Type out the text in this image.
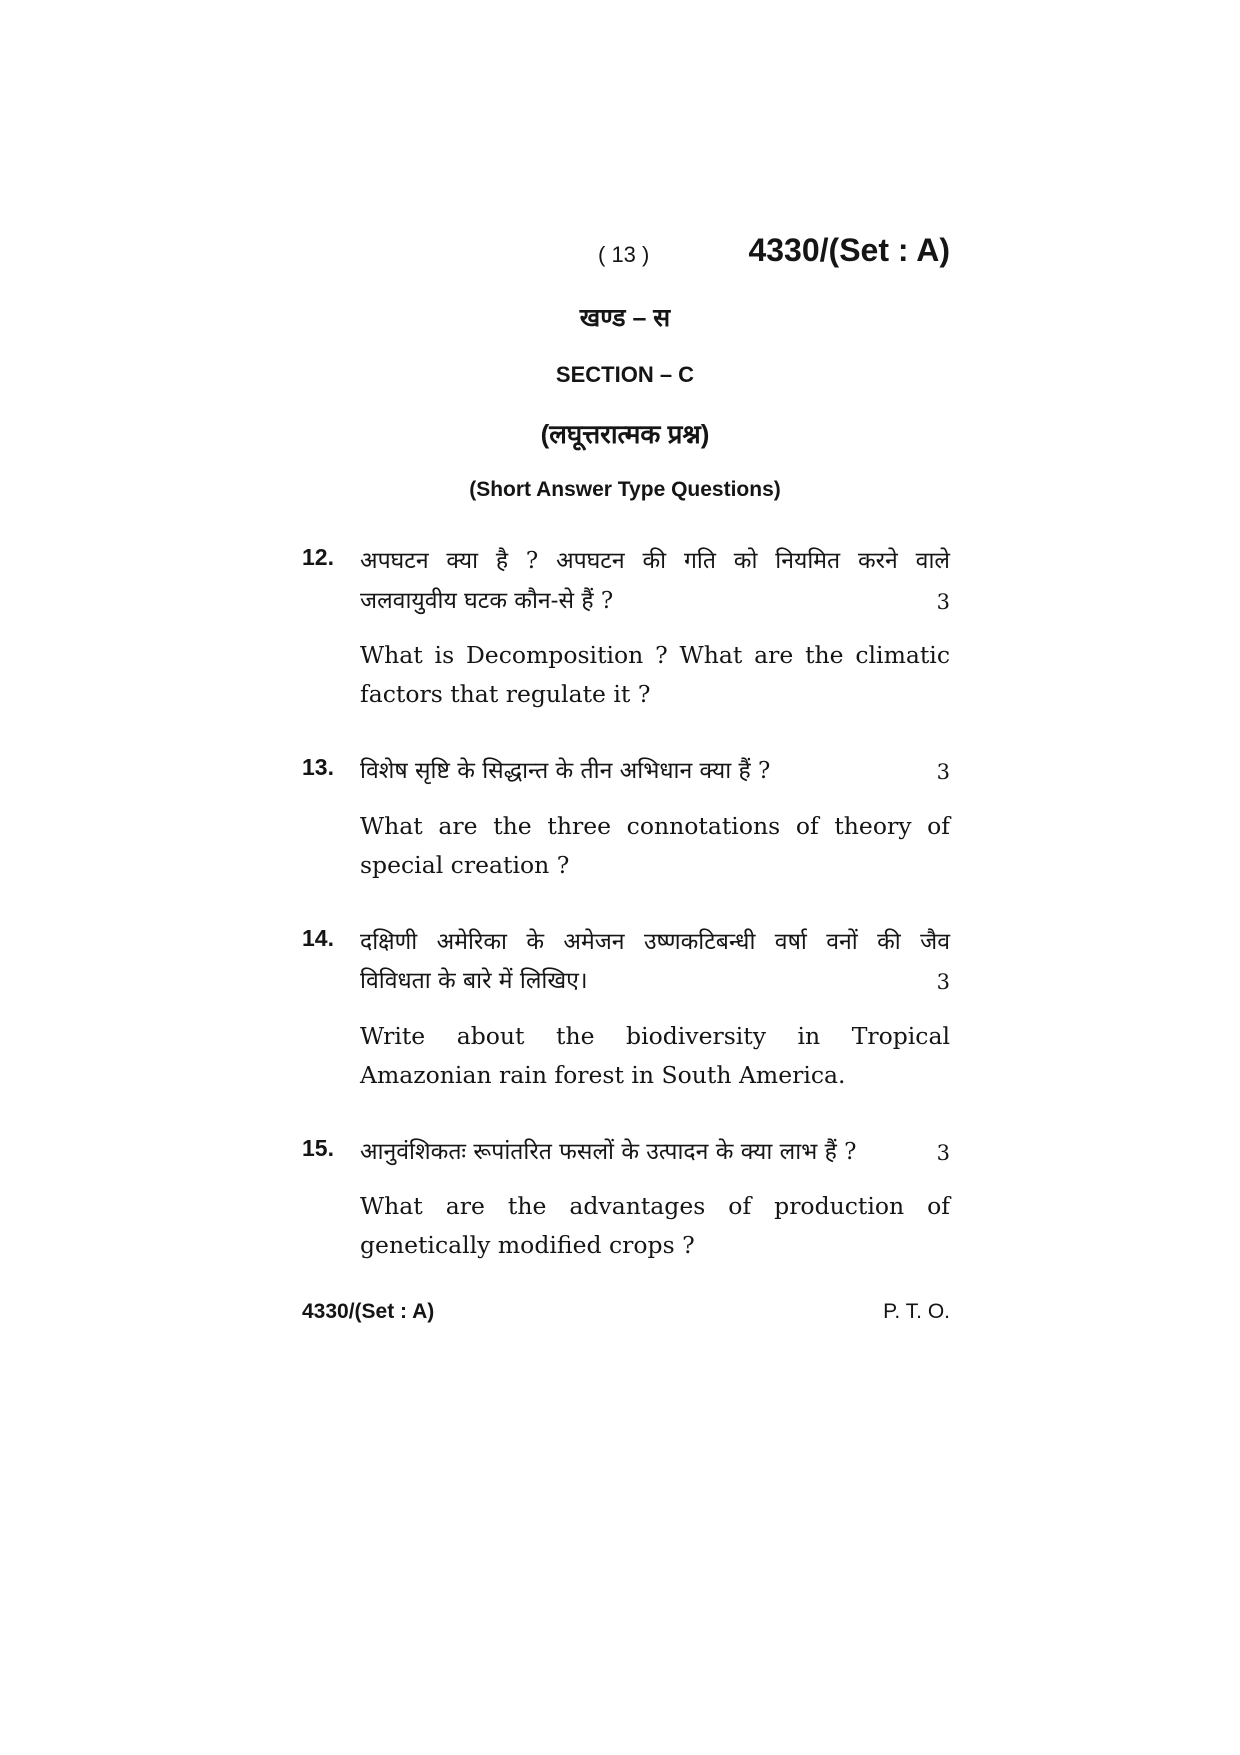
( 13 )	4330/(Set : A)
खण्ड – स
SECTION – C
(लघूत्तरात्मक प्रश्न)
(Short Answer Type Questions)
12. अपघटन क्या है ? अपघटन की गति को नियमित करने वाले
जलवायुवीय घटक कौन-से हैं ?	3
What is Decomposition ? What are the climatic
factors that regulate it ?
13. विशेष सृष्टि के सिद्धान्त के तीन अभिधान क्या हैं ?	3
What are the three connotations of theory of
special creation ?
14. दक्षिणी अमेरिका के अमेजन उष्णकटिबन्धी वर्षा वनों की जैव
विविधता के बारे में लिखिए।	3
Write about the biodiversity in Tropical
Amazonian rain forest in South America.
15. आनुवंशिकतः रूपांतरित फसलों के उत्पादन के क्या लाभ हैं ?	3
What are the advantages of production of
genetically modified crops ?
4330/(Set : A)	P. T. O.
